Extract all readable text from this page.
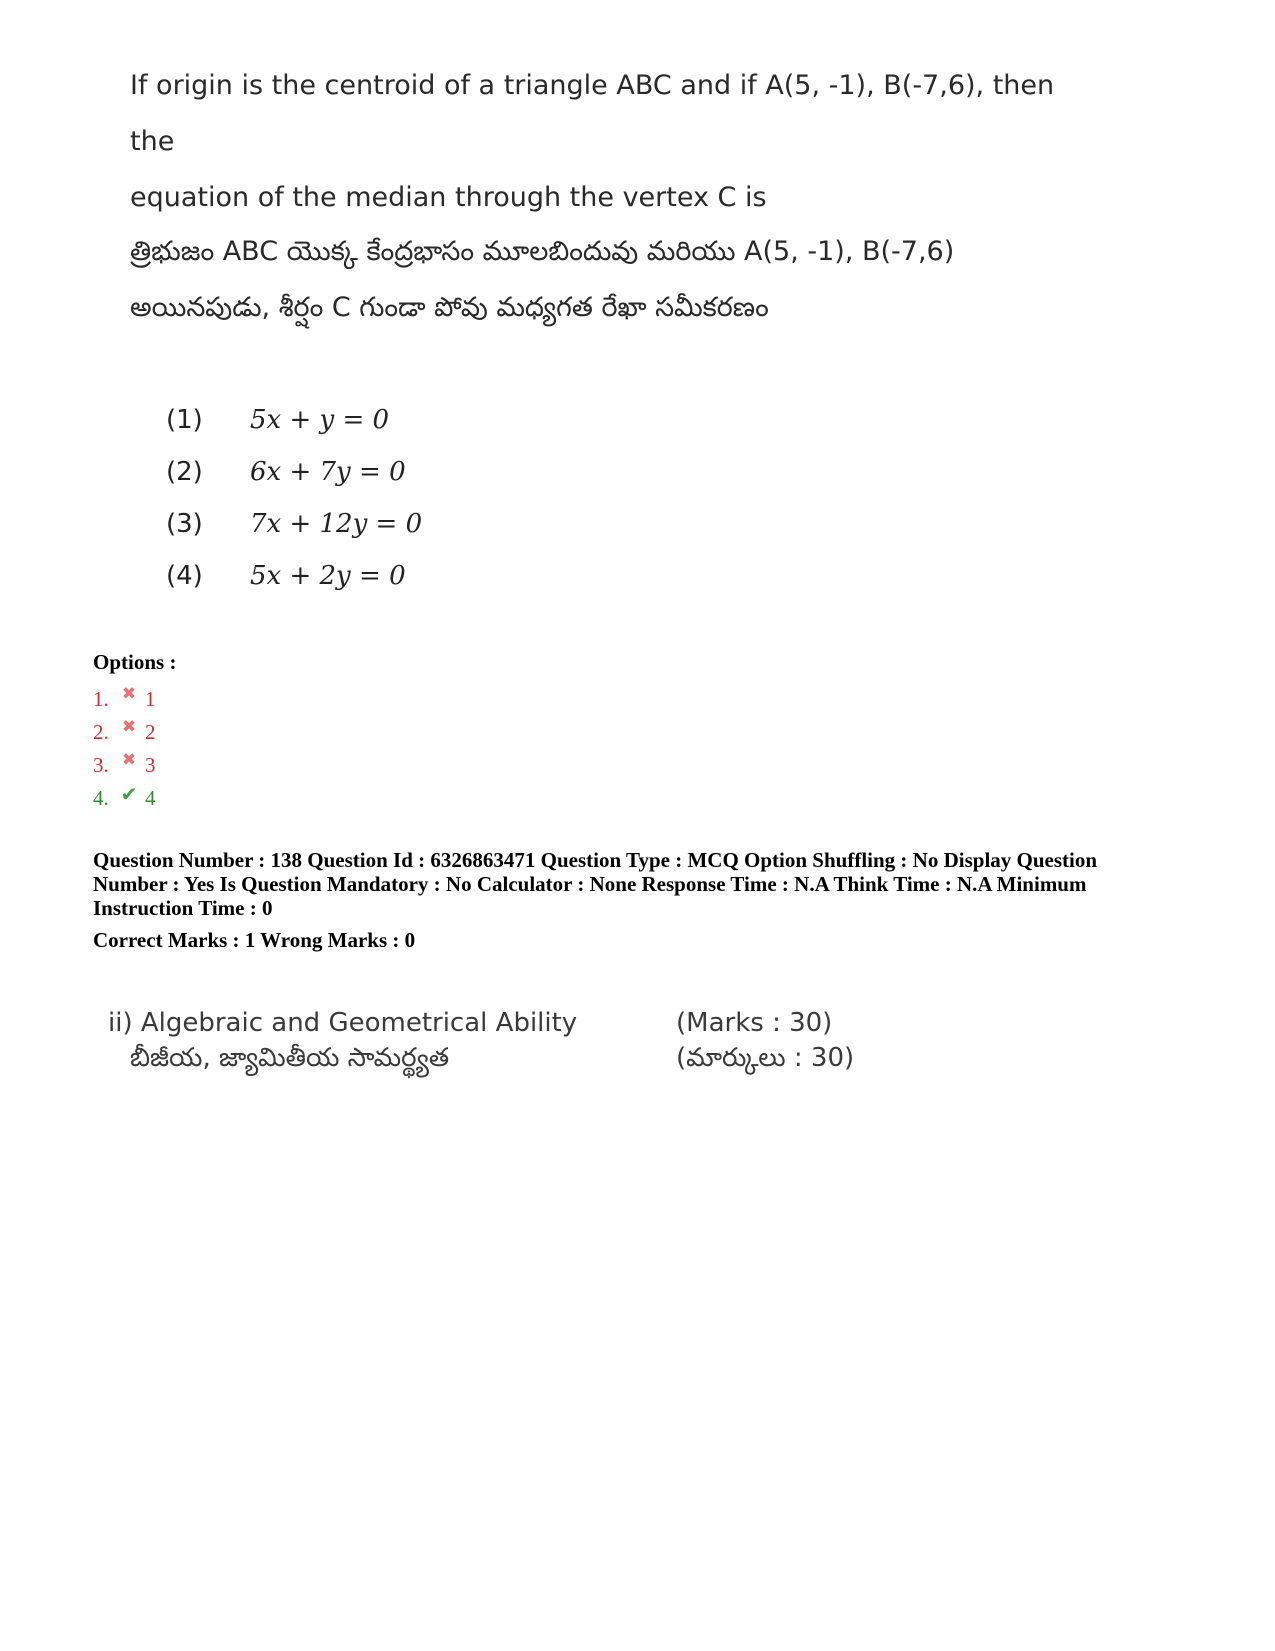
If origin is the centroid of a triangle ABC and if A(5, -1), B(-7,6), then the
equation of the median through the vertex C is
త్రిభుజం ABC యొక్క కేంద్రభాసం మూలబిందువు మరియు A(5, -1), B(-7,6)
అయినపుడు, శీర్షం C గుండా పోవు మధ్యగత రేఖా సమీకరణం
(1)	5x + y = 0
(2)	6x + 7y = 0
(3)	7x + 12y = 0
(4)	5x + 2y = 0
Options :
1. ✖ 1
2. ✖ 2
3. ✖ 3
4. ✔ 4
Question Number : 138 Question Id : 6326863471 Question Type : MCQ Option Shuffling : No Display Question Number : Yes Is Question Mandatory : No Calculator : None Response Time : N.A Think Time : N.A Minimum Instruction Time : 0
Correct Marks : 1 Wrong Marks : 0
ii) Algebraic and Geometrical Ability	(Marks : 30)
బీజీయ, జ్యామితీయ సామర్థ్యత	(మార్కులు : 30)
